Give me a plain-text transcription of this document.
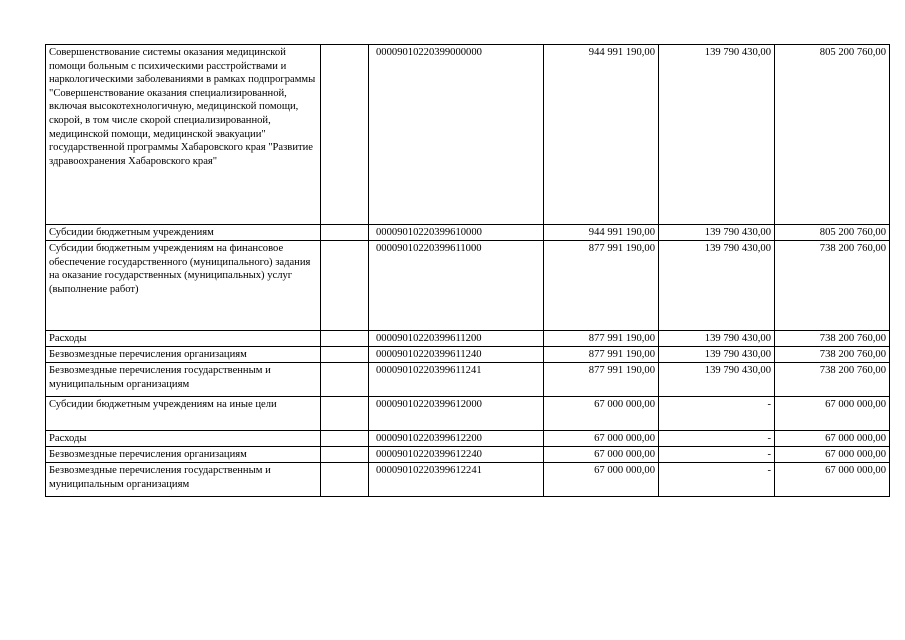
Совершенствование системы оказания медицинской помощи больным с психическими расстройствами и наркологическими заболеваниями в рамках подпрограммы "Совершенствование оказания специализированной, включая высокотехнологичную, медицинской помощи, скорой, в том числе скорой специализированной, медицинской помощи, медицинской эвакуации" государственной программы Хабаровского края "Развитие здравоохранения Хабаровского края"		00009010220399000000	944 991 190,00	139 790 430,00	805 200 760,00
Субсидии бюджетным учреждениям		00009010220399610000	944 991 190,00	139 790 430,00	805 200 760,00
Субсидии бюджетным учреждениям на финансовое обеспечение государственного (муниципального) задания на оказание государственных (муниципальных) услуг (выполнение работ)		00009010220399611000	877 991 190,00	139 790 430,00	738 200 760,00
Расходы		00009010220399611200	877 991 190,00	139 790 430,00	738 200 760,00
Безвозмездные перечисления организациям		00009010220399611240	877 991 190,00	139 790 430,00	738 200 760,00
Безвозмездные перечисления государственным и муниципальным организациям		00009010220399611241	877 991 190,00	139 790 430,00	738 200 760,00
Субсидии бюджетным учреждениям на иные цели		00009010220399612000	67 000 000,00	-	67 000 000,00
Расходы		00009010220399612200	67 000 000,00	-	67 000 000,00
Безвозмездные перечисления организациям		00009010220399612240	67 000 000,00	-	67 000 000,00
Безвозмездные перечисления государственным и муниципальным организациям		00009010220399612241	67 000 000,00	-	67 000 000,00
